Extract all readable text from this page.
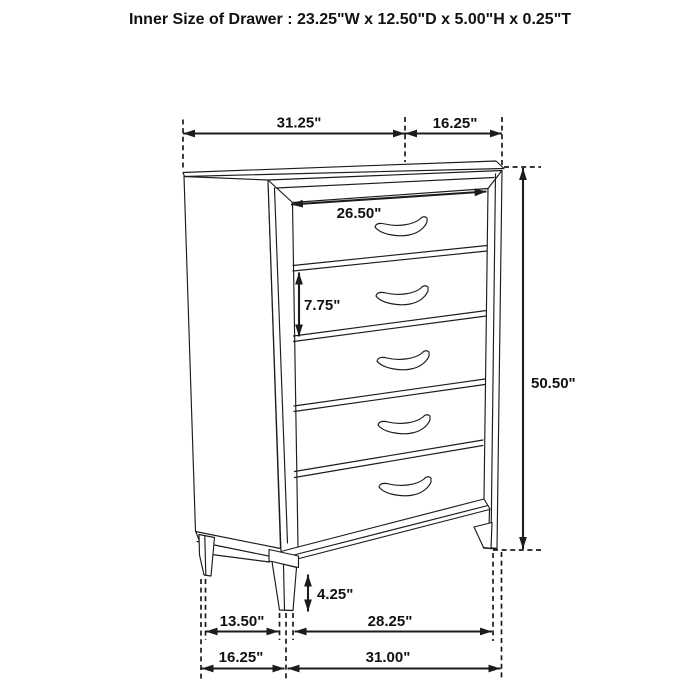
Inner Size of Drawer : 23.25"W x 12.50"D x 5.00"H x 0.25"T
31.25"	16.25"
50.50"
26.50"
7.75"
4.25"
13.50"	28.25"
16.25"	31.00"
